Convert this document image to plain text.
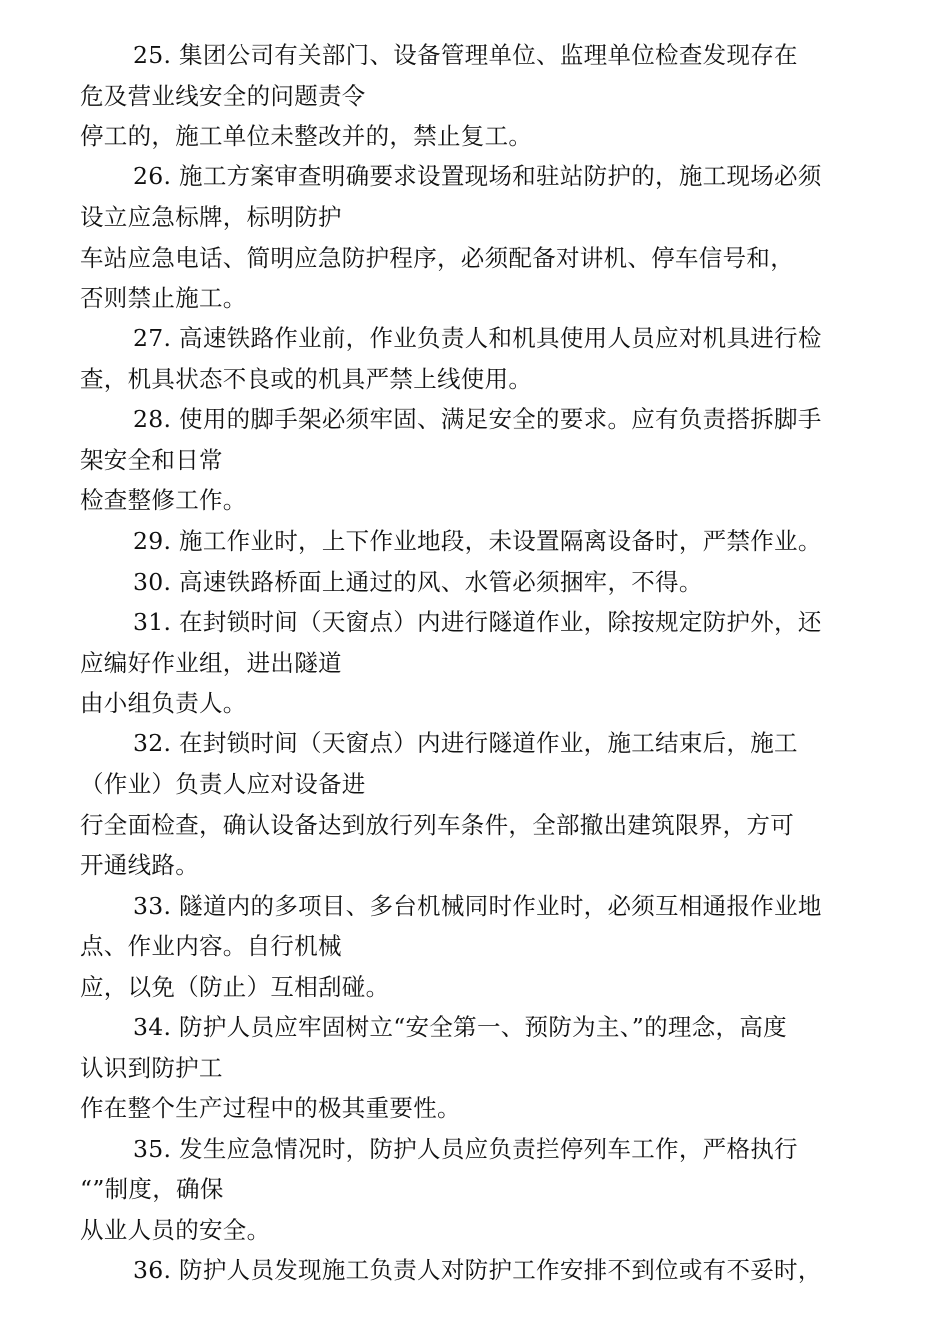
25. 集团公司有关部门、设备管理单位、监理单位检查发现存在
危及营业线安全的问题责令
停工的，施工单位未整改并的，禁止复工。
26. 施工方案审查明确要求设置现场和驻站防护的，施工现场必须
设立应急标牌，标明防护
车站应急电话、简明应急防护程序，必须配备对讲机、停车信号和，
否则禁止施工。
27. 高速铁路作业前，作业负责人和机具使用人员应对机具进行检
查，机具状态不良或的机具严禁上线使用。
28. 使用的脚手架必须牢固、满足安全的要求。应有负责搭拆脚手
架安全和日常
检查整修工作。
29. 施工作业时，上下作业地段，未设置隔离设备时，严禁作业。
30. 高速铁路桥面上通过的风、水管必须捆牢，不得。
31. 在封锁时间（天窗点）内进行隧道作业，除按规定防护外，还
应编好作业组，进出隧道
由小组负责人。
32. 在封锁时间（天窗点）内进行隧道作业，施工结束后，施工
（作业）负责人应对设备进
行全面检查，确认设备达到放行列车条件，全部撤出建筑限界，方可
开通线路。
33. 隧道内的多项目、多台机械同时作业时，必须互相通报作业地
点、作业内容。自行机械
应，以免（防止）互相刮碰。
34. 防护人员应牢固树立“安全第一、预防为主、”的理念，高度
认识到防护工
作在整个生产过程中的极其重要性。
35. 发生应急情况时，防护人员应负责拦停列车工作，严格执行
“”制度，确保
从业人员的安全。
36. 防护人员发现施工负责人对防护工作安排不到位或有不妥时，
